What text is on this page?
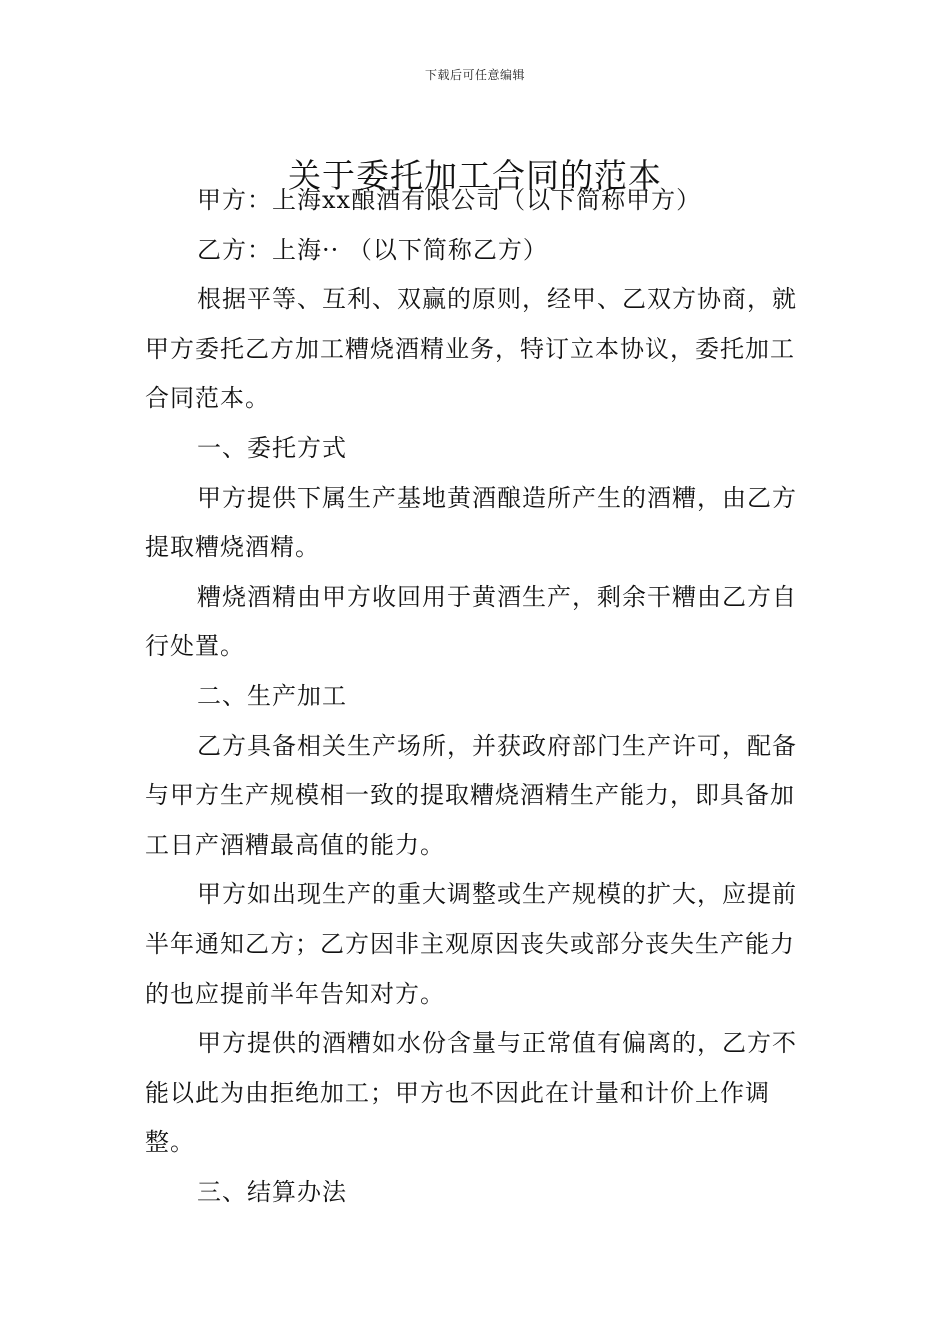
下载后可任意编辑
关于委托加工合同的范本

甲方：上海xx酿酒有限公司（以下简称甲方）

乙方：上海·· （以下简称乙方）

根据平等、互利、双赢的原则，经甲、乙双方协商，就甲方委托乙方加工糟烧酒精业务，特订立本协议，委托加工合同范本。

一、委托方式

甲方提供下属生产基地黄酒酿造所产生的酒糟，由乙方提取糟烧酒精。

糟烧酒精由甲方收回用于黄酒生产，剩余干糟由乙方自行处置。

二、生产加工

乙方具备相关生产场所，并获政府部门生产许可，配备与甲方生产规模相一致的提取糟烧酒精生产能力，即具备加工日产酒糟最高值的能力。

甲方如出现生产的重大调整或生产规模的扩大，应提前半年通知乙方；乙方因非主观原因丧失或部分丧失生产能力的也应提前半年告知对方。

甲方提供的酒糟如水份含量与正常值有偏离的，乙方不能以此为由拒绝加工；甲方也不因此在计量和计价上作调整。

三、结算办法
